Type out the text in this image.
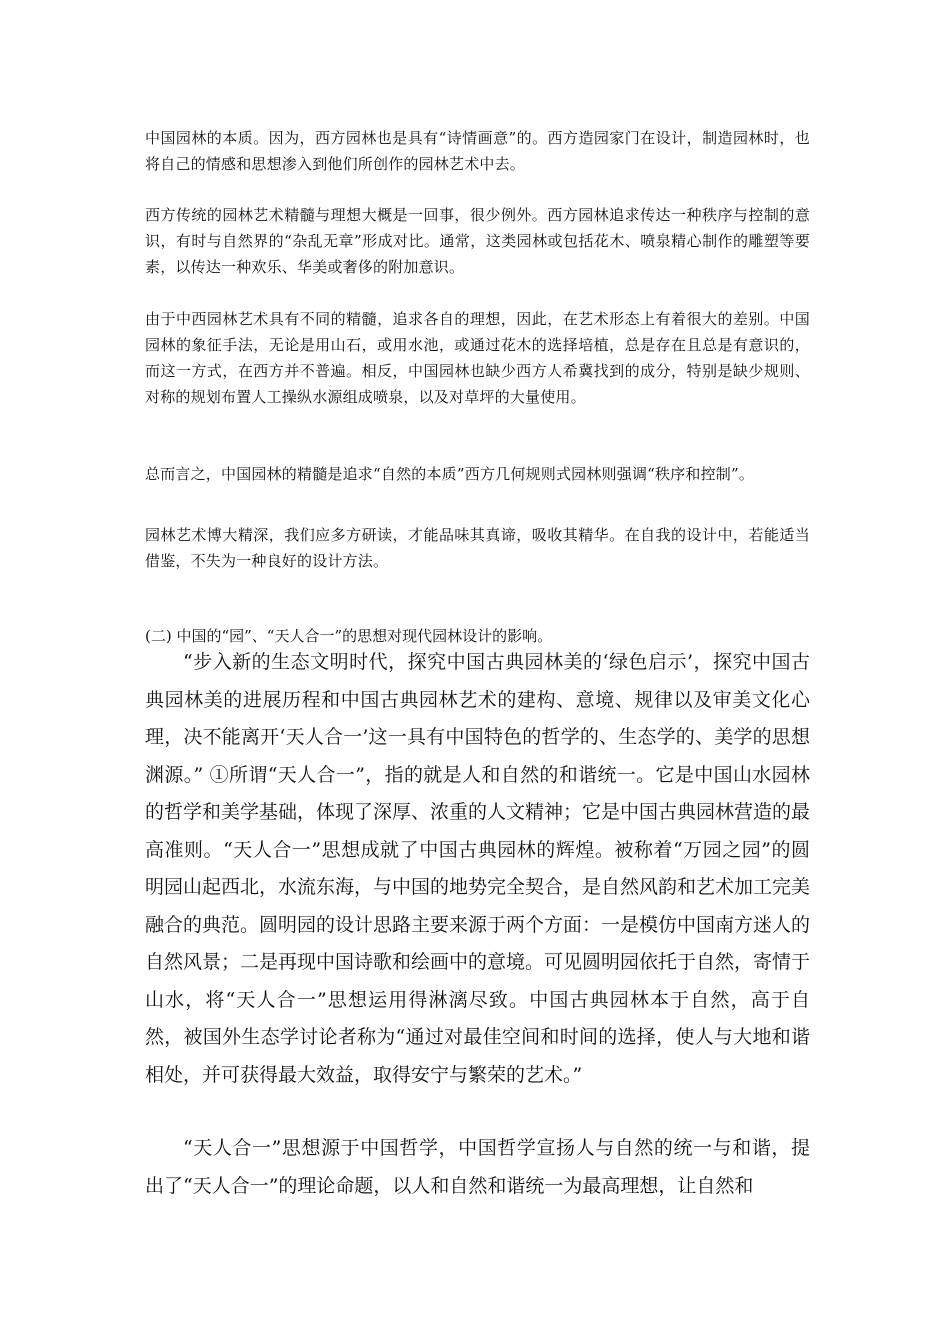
中国园林的本质。因为，西方园林也是具有“诗情画意”的。西方造园家门在设计，制造园林时，也将自己的情感和思想渗入到他们所创作的园林艺术中去。

西方传统的园林艺术精髓与理想大概是一回事，很少例外。西方园林追求传达一种秩序与控制的意识，有时与自然界的“杂乱无章”形成对比。通常，这类园林或包括花木、喷泉精心制作的雕塑等要素，以传达一种欢乐、华美或奢侈的附加意识。

由于中西园林艺术具有不同的精髓，追求各自的理想，因此，在艺术形态上有着很大的差别。中国园林的象征手法，无论是用山石，或用水池，或通过花木的选择培植，总是存在且总是有意识的，而这一方式，在西方并不普遍。相反，中国园林也缺少西方人希冀找到的成分，特别是缺少规则、对称的规划布置人工操纵水源组成喷泉，以及对草坪的大量使用。

总而言之，中国园林的精髓是追求“自然的本质”西方几何规则式园林则强调“秩序和控制”。

园林艺术博大精深，我们应多方研读，才能品味其真谛，吸收其精华。在自我的设计中，若能适当借鉴，不失为一种良好的设计方法。

(二) 中国的“园”、“天人合一”的思想对现代园林设计的影响。

“步入新的生态文明时代，探究中国古典园林美的‘绿色启示’，探究中国古典园林美的进展历程和中国古典园林艺术的建构、意境、规律以及审美文化心理，决不能离开‘天人合一’这一具有中国特色的哲学的、生态学的、美学的思想渊源。” ①所谓“天人合一”，指的就是人和自然的和谐统一。它是中国山水园林的哲学和美学基础，体现了深厚、浓重的人文精神；它是中国古典园林营造的最高准则。“天人合一”思想成就了中国古典园林的辉煌。被称着“万园之园”的圆明园山起西北，水流东海，与中国的地势完全契合，是自然风韵和艺术加工完美融合的典范。圆明园的设计思路主要来源于两个方面：一是模仿中国南方迷人的自然风景；二是再现中国诗歌和绘画中的意境。可见圆明园依托于自然，寄情于山水，将“天人合一”思想运用得淋漓尽致。中国古典园林本于自然，高于自然，被国外生态学讨论者称为“通过对最佳空间和时间的选择，使人与大地和谐相处，并可获得最大效益，取得安宁与繁荣的艺术。”

“天人合一”思想源于中国哲学，中国哲学宣扬人与自然的统一与和谐，提出了“天人合一”的理论命题，以人和自然和谐统一为最高理想，让自然和
